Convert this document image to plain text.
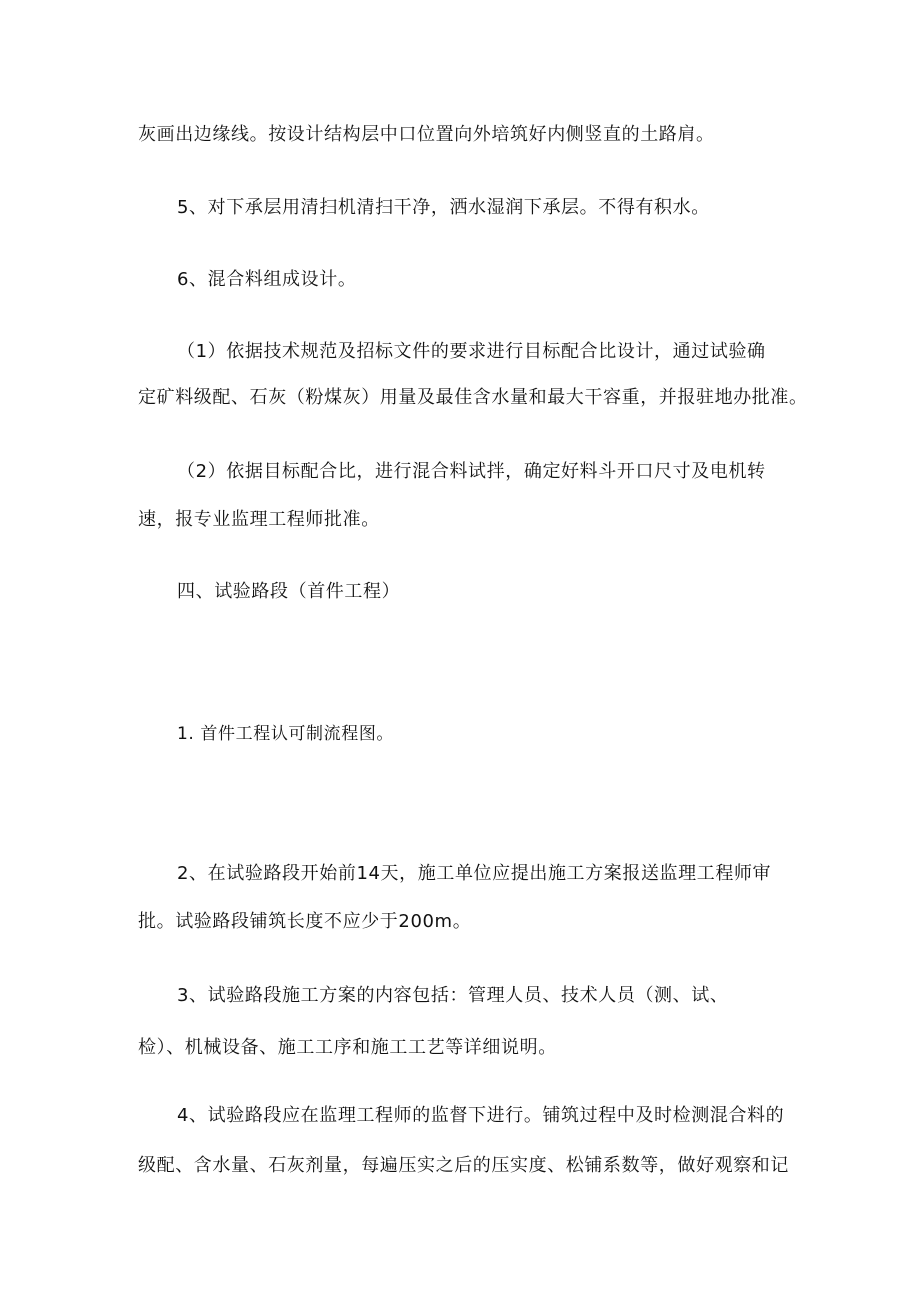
灰画出边缘线。按设计结构层中口位置向外培筑好内侧竖直的土路肩。
5、对下承层用清扫机清扫干净，洒水湿润下承层。不得有积水。
6、混合料组成设计。
（1）依据技术规范及招标文件的要求进行目标配合比设计，通过试验确
定矿料级配、石灰（粉煤灰）用量及最佳含水量和最大干容重，并报驻地办批准。
（2）依据目标配合比，进行混合料试拌，确定好料斗开口尺寸及电机转
速，报专业监理工程师批准。
四、试验路段（首件工程）
1. 首件工程认可制流程图。
2、在试验路段开始前14天，施工单位应提出施工方案报送监理工程师审
批。试验路段铺筑长度不应少于200m。
3、试验路段施工方案的内容包括：管理人员、技术人员（测、试、
检）、机械设备、施工工序和施工工艺等详细说明。
4、试验路段应在监理工程师的监督下进行。铺筑过程中及时检测混合料的
级配、含水量、石灰剂量，每遍压实之后的压实度、松铺系数等，做好观察和记
